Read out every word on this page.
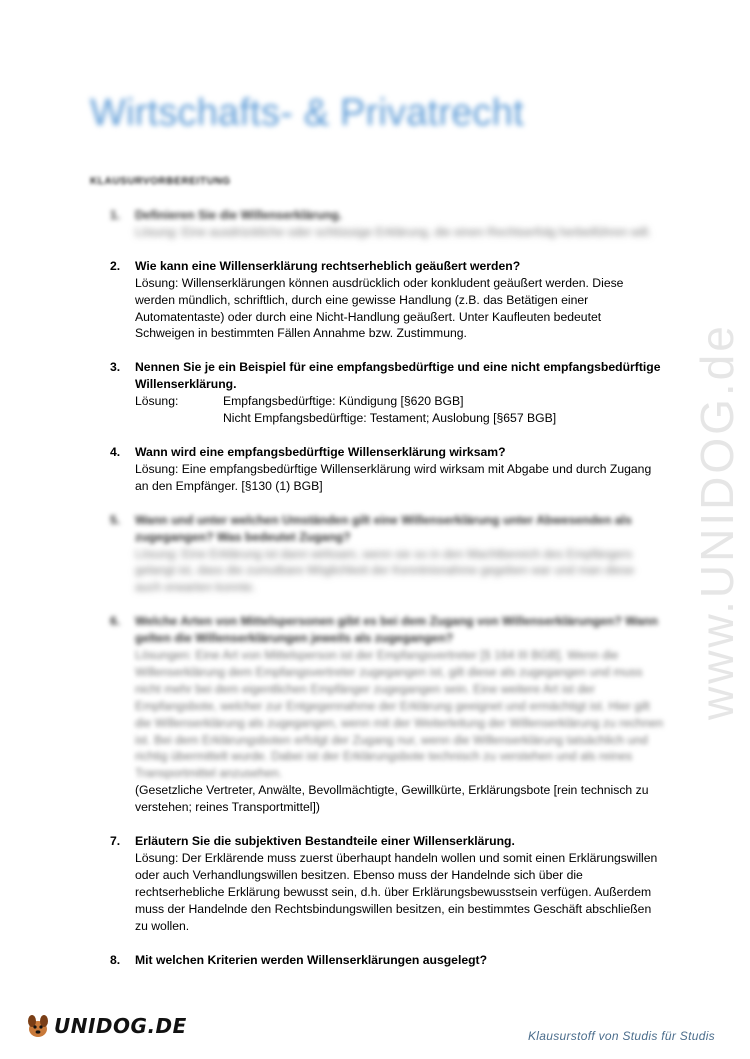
Wirtschafts- & Privatrecht
KLAUSURVORBEREITUNG
1. Definieren Sie die Willenserklärung.
Lösung: Eine ausdrückliche oder schlüssige Erklärung, die einen Rechtserfolg herbeiführen will.
2. Wie kann eine Willenserklärung rechtserheblich geäußert werden?
Lösung: Willenserklärungen können ausdrücklich oder konkludent geäußert werden. Diese werden mündlich, schriftlich, durch eine gewisse Handlung (z.B. das Betätigen einer Automatentaste) oder durch eine Nicht-Handlung geäußert. Unter Kaufleuten bedeutet Schweigen in bestimmten Fällen Annahme bzw. Zustimmung.
3. Nennen Sie je ein Beispiel für eine empfangsbedürftige und eine nicht empfangsbedürftige Willenserklärung.
Lösung:	Empfangsbedürftige: Kündigung [§620 BGB]
Nicht Empfangsbedürftige: Testament; Auslobung [§657 BGB]
4. Wann wird eine empfangsbedürftige Willenserklärung wirksam?
Lösung: Eine empfangsbedürftige Willenserklärung wird wirksam mit Abgabe und durch Zugang an den Empfänger. [§130 (1) BGB]
5. Wann und unter welchen Umständen gilt eine Willenserklärung unter Abwesenden als zugegangen? Was bedeutet Zugang?
Lösung: Eine Erklärung ist dann wirksam, wenn sie so in den Machtbereich des Empfängers gelangt ist, dass die zumutbare Möglichkeit der Kenntnisnahme gegeben war und man diese auch erwarten konnte.
6. Welche Arten von Mittelspersonen gibt es bei dem Zugang von Willenserklärungen? Wann gelten die Willenserklärungen jeweils als zugegangen?
Lösungen: Eine Art von Mittelsperson ist der Empfangsvertreter [§ 164 III BGB]. Wenn die Willenserklärung dem Empfangsvertreter zugegangen ist, gilt diese als zugegangen und muss nicht mehr bei dem eigentlichen Empfänger zugegangen sein. Eine weitere Art ist der Empfangsbote, welcher zur Entgegennahme der Erklärung geeignet und ermächtigt ist. Hier gilt die Willenserklärung als zugegangen, wenn mit der Weiterleitung der Willenserklärung zu rechnen ist. Bei dem Erklärungsboten erfolgt der Zugang nur, wenn die Willenserklärung tatsächlich und richtig übermittelt wurde. Dabei ist der Erklärungsbote technisch zu verstehen und als reines Transportmittel anzusehen.
(Gesetzliche Vertreter, Anwälte, Bevollmächtigte, Gewillkürte, Erklärungsbote [rein technisch zu verstehen; reines Transportmittel])
7. Erläutern Sie die subjektiven Bestandteile einer Willenserklärung.
Lösung: Der Erklärende muss zuerst überhaupt handeln wollen und somit einen Erklärungswillen oder auch Verhandlungswillen besitzen. Ebenso muss der Handelnde sich über die rechtserhebliche Erklärung bewusst sein, d.h. über Erklärungsbewusstsein verfügen. Außerdem muss der Handelnde den Rechtsbindungswillen besitzen, ein bestimmtes Geschäft abschließen zu wollen.
8. Mit welchen Kriterien werden Willenserklärungen ausgelegt?
www.UNIDOG.de
UNIDOG.DE	Klausurstoff von Studis für Studis
